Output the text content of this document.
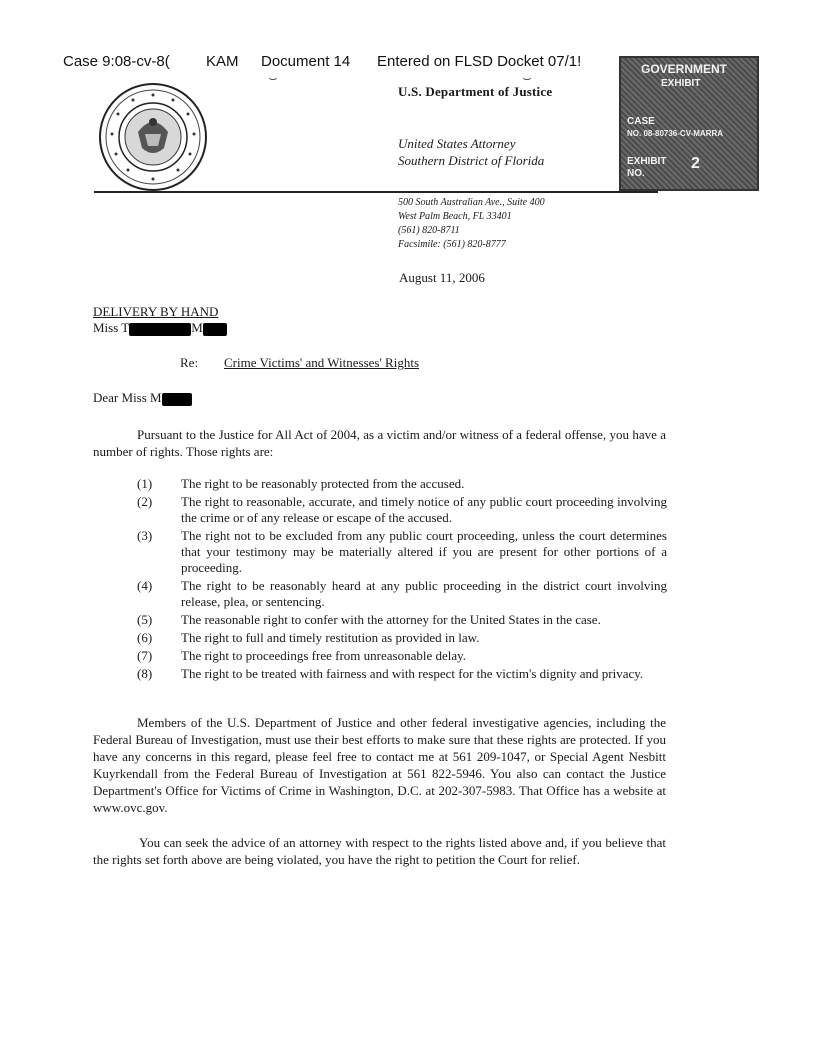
Case 9:08-cv-8( KAM Document 14 Entered on FLSD Docket 07/1!
⌣	⌣
U.S. Department of Justice
United States Attorney
Southern District of Florida
GOVERNMENT
EXHIBIT
CASE
NO. 08-80736-CV-MARRA
EXHIBIT
NO.
2
500 South Australian Ave., Suite 400
West Palm Beach, FL 33401
(561) 820-8711
Facsimile: (561) 820-8777
August 11, 2006
DELIVERY BY HAND
Miss T	M
Re: Crime Victims' and Witnesses' Rights
Dear Miss M
Pursuant to the Justice for All Act of 2004, as a victim and/or witness of a federal offense, you have a number of rights. Those rights are:
(1)	The right to be reasonably protected from the accused.
(2)	The right to reasonable, accurate, and timely notice of any public court proceeding involving the crime or of any release or escape of the accused.
(3)	The right not to be excluded from any public court proceeding, unless the court determines that your testimony may be materially altered if you are present for other portions of a proceeding.
(4)	The right to be reasonably heard at any public proceeding in the district court involving release, plea, or sentencing.
(5)	The reasonable right to confer with the attorney for the United States in the case.
(6)	The right to full and timely restitution as provided in law.
(7)	The right to proceedings free from unreasonable delay.
(8)	The right to be treated with fairness and with respect for the victim's dignity and privacy.
Members of the U.S. Department of Justice and other federal investigative agencies, including the Federal Bureau of Investigation, must use their best efforts to make sure that these rights are protected. If you have any concerns in this regard, please feel free to contact me at 561 209-1047, or Special Agent Nesbitt Kuyrkendall from the Federal Bureau of Investigation at 561 822-5946. You also can contact the Justice Department's Office for Victims of Crime in Washington, D.C. at 202-307-5983. That Office has a website at www.ovc.gov.
You can seek the advice of an attorney with respect to the rights listed above and, if you believe that the rights set forth above are being violated, you have the right to petition the Court for relief.
